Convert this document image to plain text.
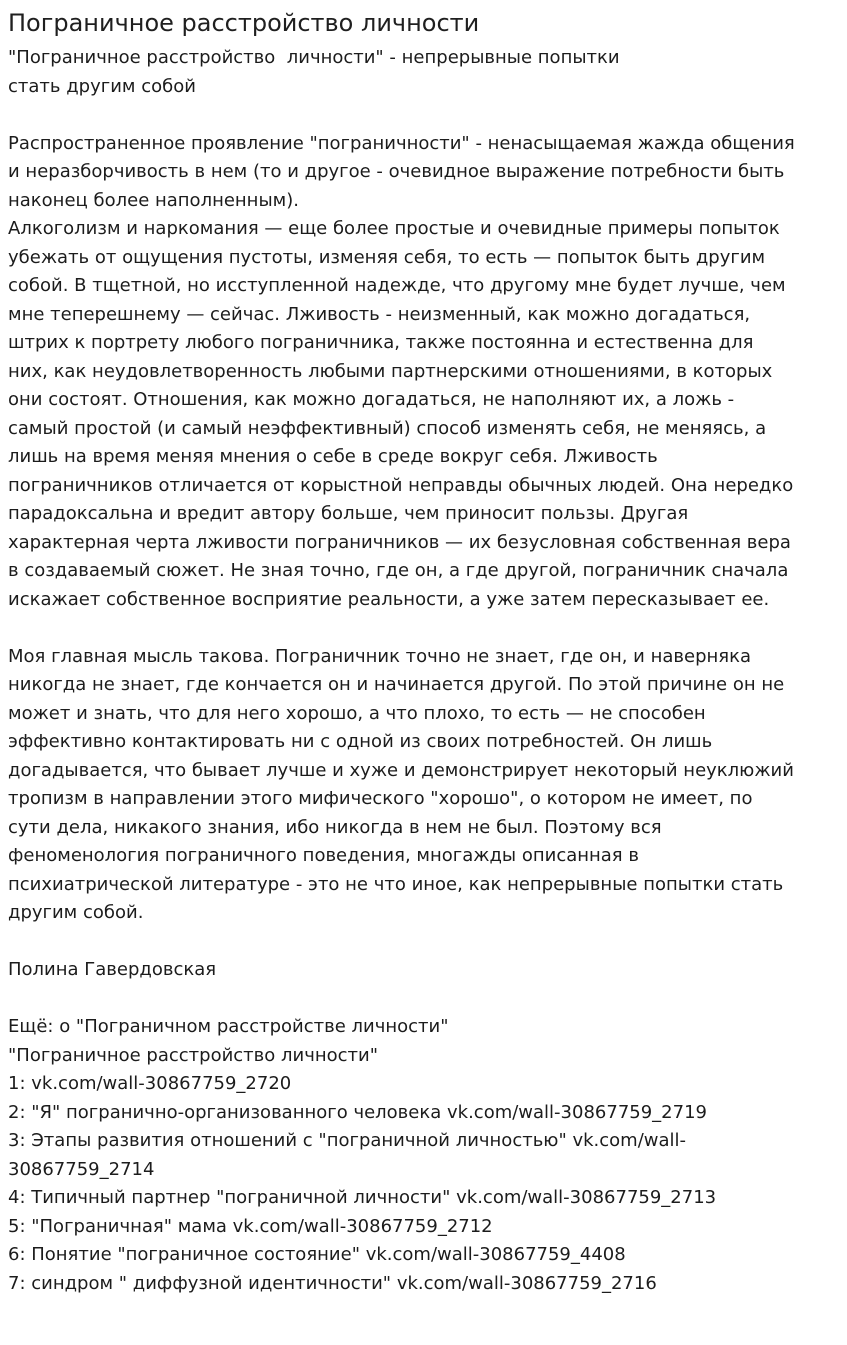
Пограничное расстройство личности
"Пограничное расстройство  личности" - непрерывные попытки
стать другим собой
Распространенное проявление "пограничности" - ненасыщаемая жажда общения
и неразборчивость в нем (то и другое - очевидное выражение потребности быть
наконец более наполненным).
Алкоголизм и наркомания — еще более простые и очевидные примеры попыток
убежать от ощущения пустоты, изменяя себя, то есть — попыток быть другим
собой. В тщетной, но исступленной надежде, что другому мне будет лучше, чем
мне теперешнему — сейчас. Лживость - неизменный, как можно догадаться,
штрих к портрету любого пограничника, также постоянна и естественна для
них, как неудовлетворенность любыми партнерскими отношениями, в которых
они состоят. Отношения, как можно догадаться, не наполняют их, а ложь -
самый простой (и самый неэффективный) способ изменять себя, не меняясь, а
лишь на время меняя мнения о себе в среде вокруг себя. Лживость
пограничников отличается от корыстной неправды обычных людей. Она нередко
парадоксальна и вредит автору больше, чем приносит пользы. Другая
характерная черта лживости пограничников — их безусловная собственная вера
в создаваемый сюжет. Не зная точно, где он, а где другой, пограничник сначала
искажает собственное восприятие реальности, а уже затем пересказывает ее.
Моя главная мысль такова. Пограничник точно не знает, где он, и наверняка
никогда не знает, где кончается он и начинается другой. По этой причине он не
может и знать, что для него хорошо, а что плохо, то есть — не способен
эффективно контактировать ни с одной из своих потребностей. Он лишь
догадывается, что бывает лучше и хуже и демонстрирует некоторый неуклюжий
тропизм в направлении этого мифического "хорошо", о котором не имеет, по
сути дела, никакого знания, ибо никогда в нем не был. Поэтому вся
феноменология пограничного поведения, многажды описанная в
психиатрической литературе - это не что иное, как непрерывные попытки стать
другим собой.
Полина Гавердовская
Ещё: о "Пограничном расстройстве личности"
"Пограничное расстройство личности"
1: vk.com/wall-30867759_2720
2: "Я" погранично-организованного человека vk.com/wall-30867759_2719
3: Этапы развития отношений с "пограничной личностью" vk.com/wall-
30867759_2714
4: Типичный партнер "пограничной личности" vk.com/wall-30867759_2713
5: "Пограничная" мама vk.com/wall-30867759_2712
6: Понятие "пограничное состояние" vk.com/wall-30867759_4408
7: синдром " диффузной идентичности" vk.com/wall-30867759_2716
